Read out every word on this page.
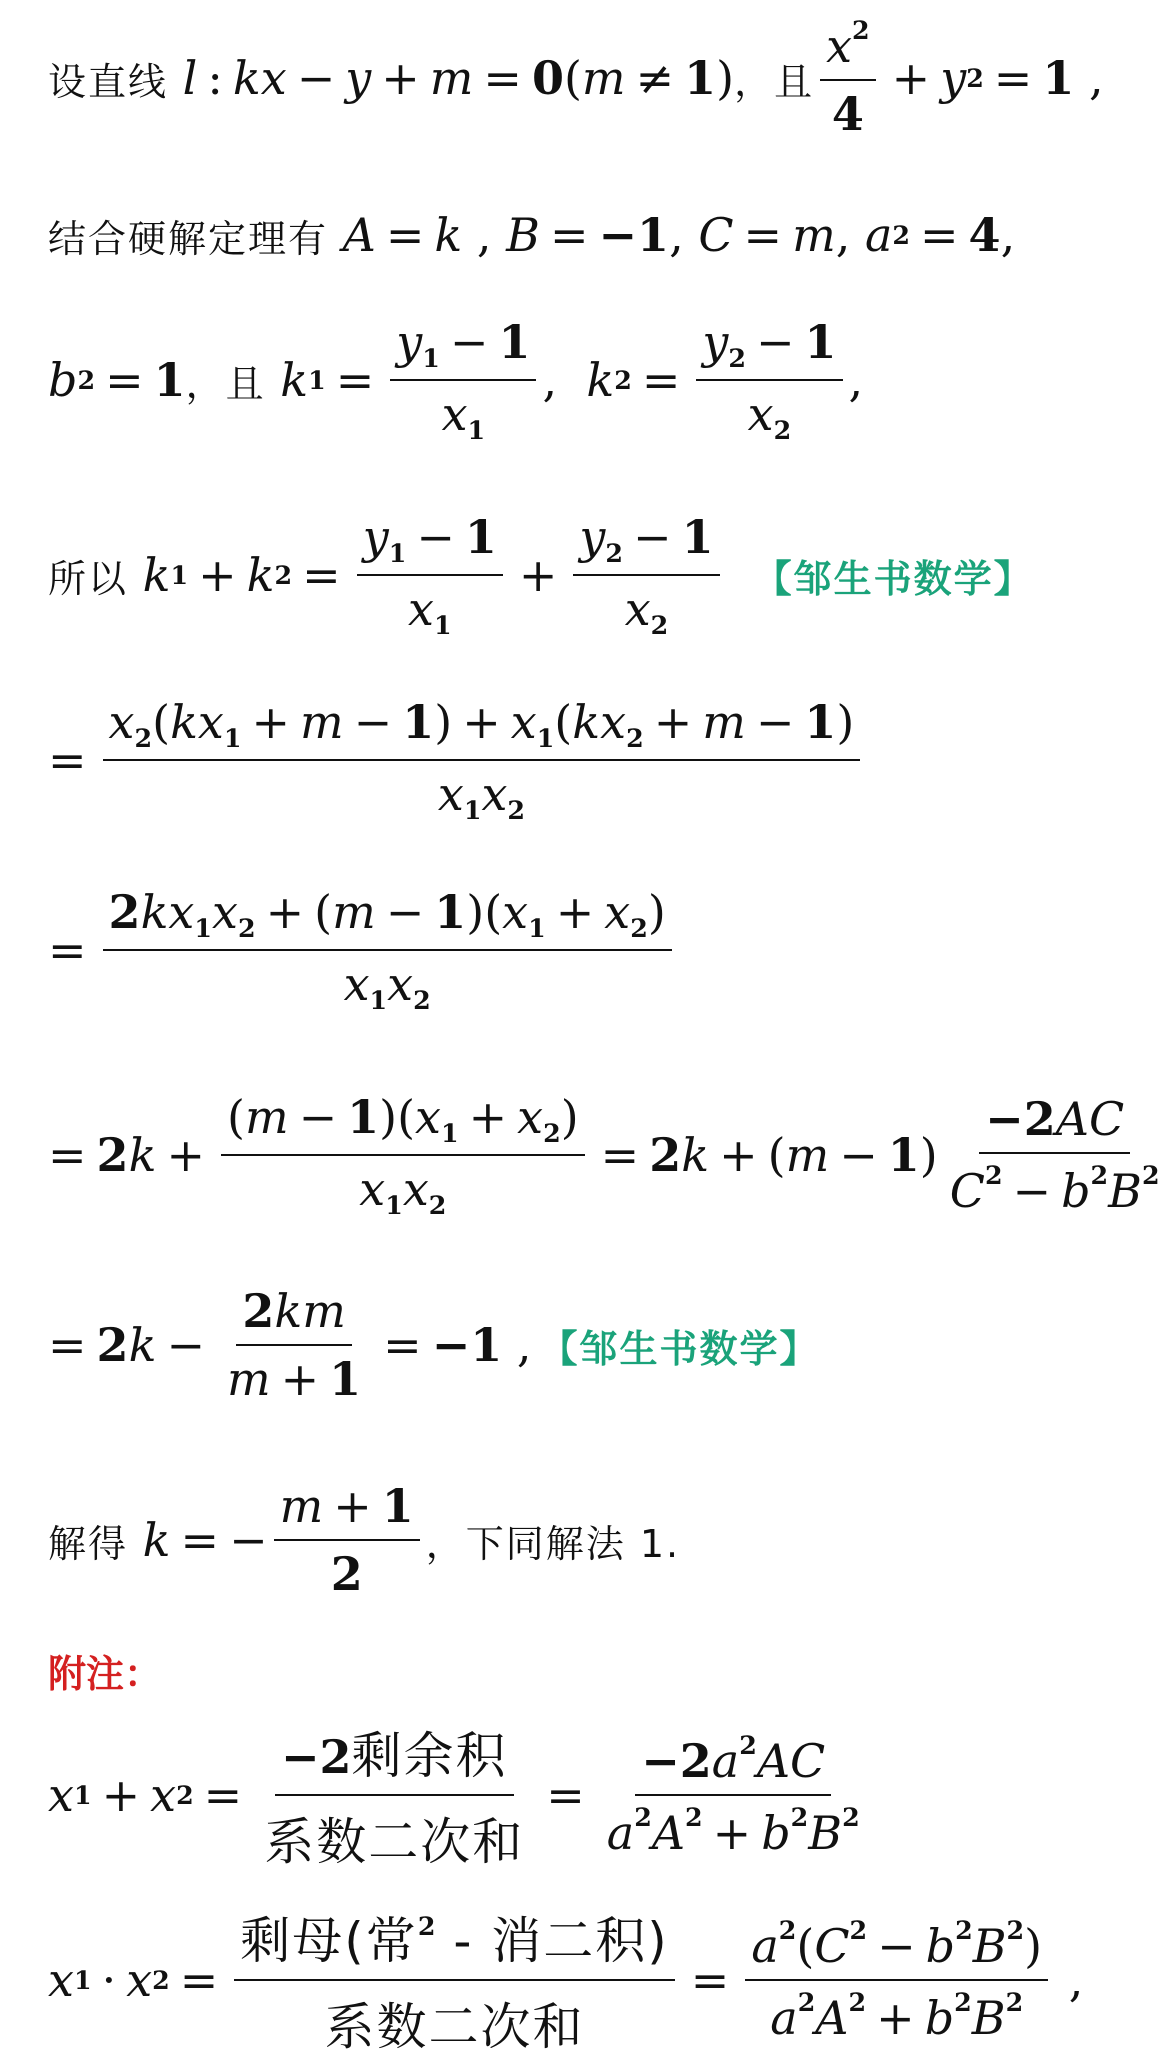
设直线 l : kx − y + m = 0 ( m ≠ 1 ) ，且 $\frac{x^2}{4} + y$ 2 = 1 ,
结合硬解定理有 A = k , B = −1 , C = m , a 2 = 4 ,
b 2 = 1 ，且 k $1 = \frac{y_1 - 1}{x_1}$ , k $2 = \frac{y_2 - 1}{x_2}$ ,
所以 k 1 + k $2 = \frac{y_1 - 1}{x_1} + \frac{y_2 - 1}{x_2}$ 【邹生书数学】
= $\frac{x_2(kx_1 + m - 1) + x_1(kx_2 + m - 1)}{x_1x_2}$
= $\frac{2kx_1x_2 + (m - 1)(x_1 + x_2)}{x_1x_2}$
= 2 $k + \frac{(m - 1)(x_1 + x_2)}{x_1x_2} = 2$ k + ( m − 1 ) $\frac{-2AC}{C^2 - b^2B^2}$
= 2 $k - \frac{2km}{m + 1} = -1$ , 【邹生书数学】
解得 k = − $\frac{m + 1}{2}$ ，下同解法 1.
附注：
x 1 + x $2 = \frac{\text{−2剩余积}}{\text{系数二次和}} = \frac{-2a^2AC}{a^2A^2 + b^2B^2}$
x 1 · x $2 = \frac{剩母(常^2 - 消二积)}{\text{系数二次和}} = \frac{a^2(C^2 - b^2B^2)}{a^2A^2 + b^2B^2}$ ,
